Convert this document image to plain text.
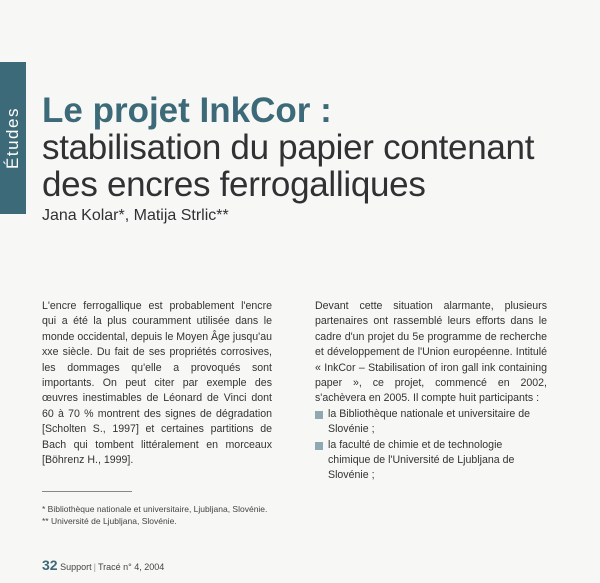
Études Le projet InkCor :
stabilisation du papier contenant
des encres ferrogalliques
Jana Kolar*, Matija Strlic**

L'encre ferrogallique est probablement l'encre qui a été la plus couramment utilisée dans le monde occidental, depuis le Moyen Âge jusqu'au xxe siècle. Du fait de ses propriétés corrosives, les dommages qu'elle a provoqués sont importants. On peut citer par exemple des œuvres inestimables de Léonard de Vinci dont 60 à 70 % montrent des signes de dégradation [Scholten S., 1997] et certaines partitions de Bach qui tombent littéralement en morceaux [Böhrenz H., 1999].

Devant cette situation alarmante, plusieurs partenaires ont rassemblé leurs efforts dans le cadre d'un projet du 5e programme de recherche et développement de l'Union européenne. Intitulé « InkCor – Stabilisation of iron gall ink containing paper », ce projet, commencé en 2002, s'achèvera en 2005. Il compte huit participants :

la Bibliothèque nationale et universitaire de Slovénie ;
la faculté de chimie et de technologie chimique de l'Université de Ljubljana de Slovénie ;
* Bibliothèque nationale et universitaire, Ljubljana, Slovénie.
** Université de Ljubljana, Slovénie.
32 Support | Tracé n° 4, 2004
